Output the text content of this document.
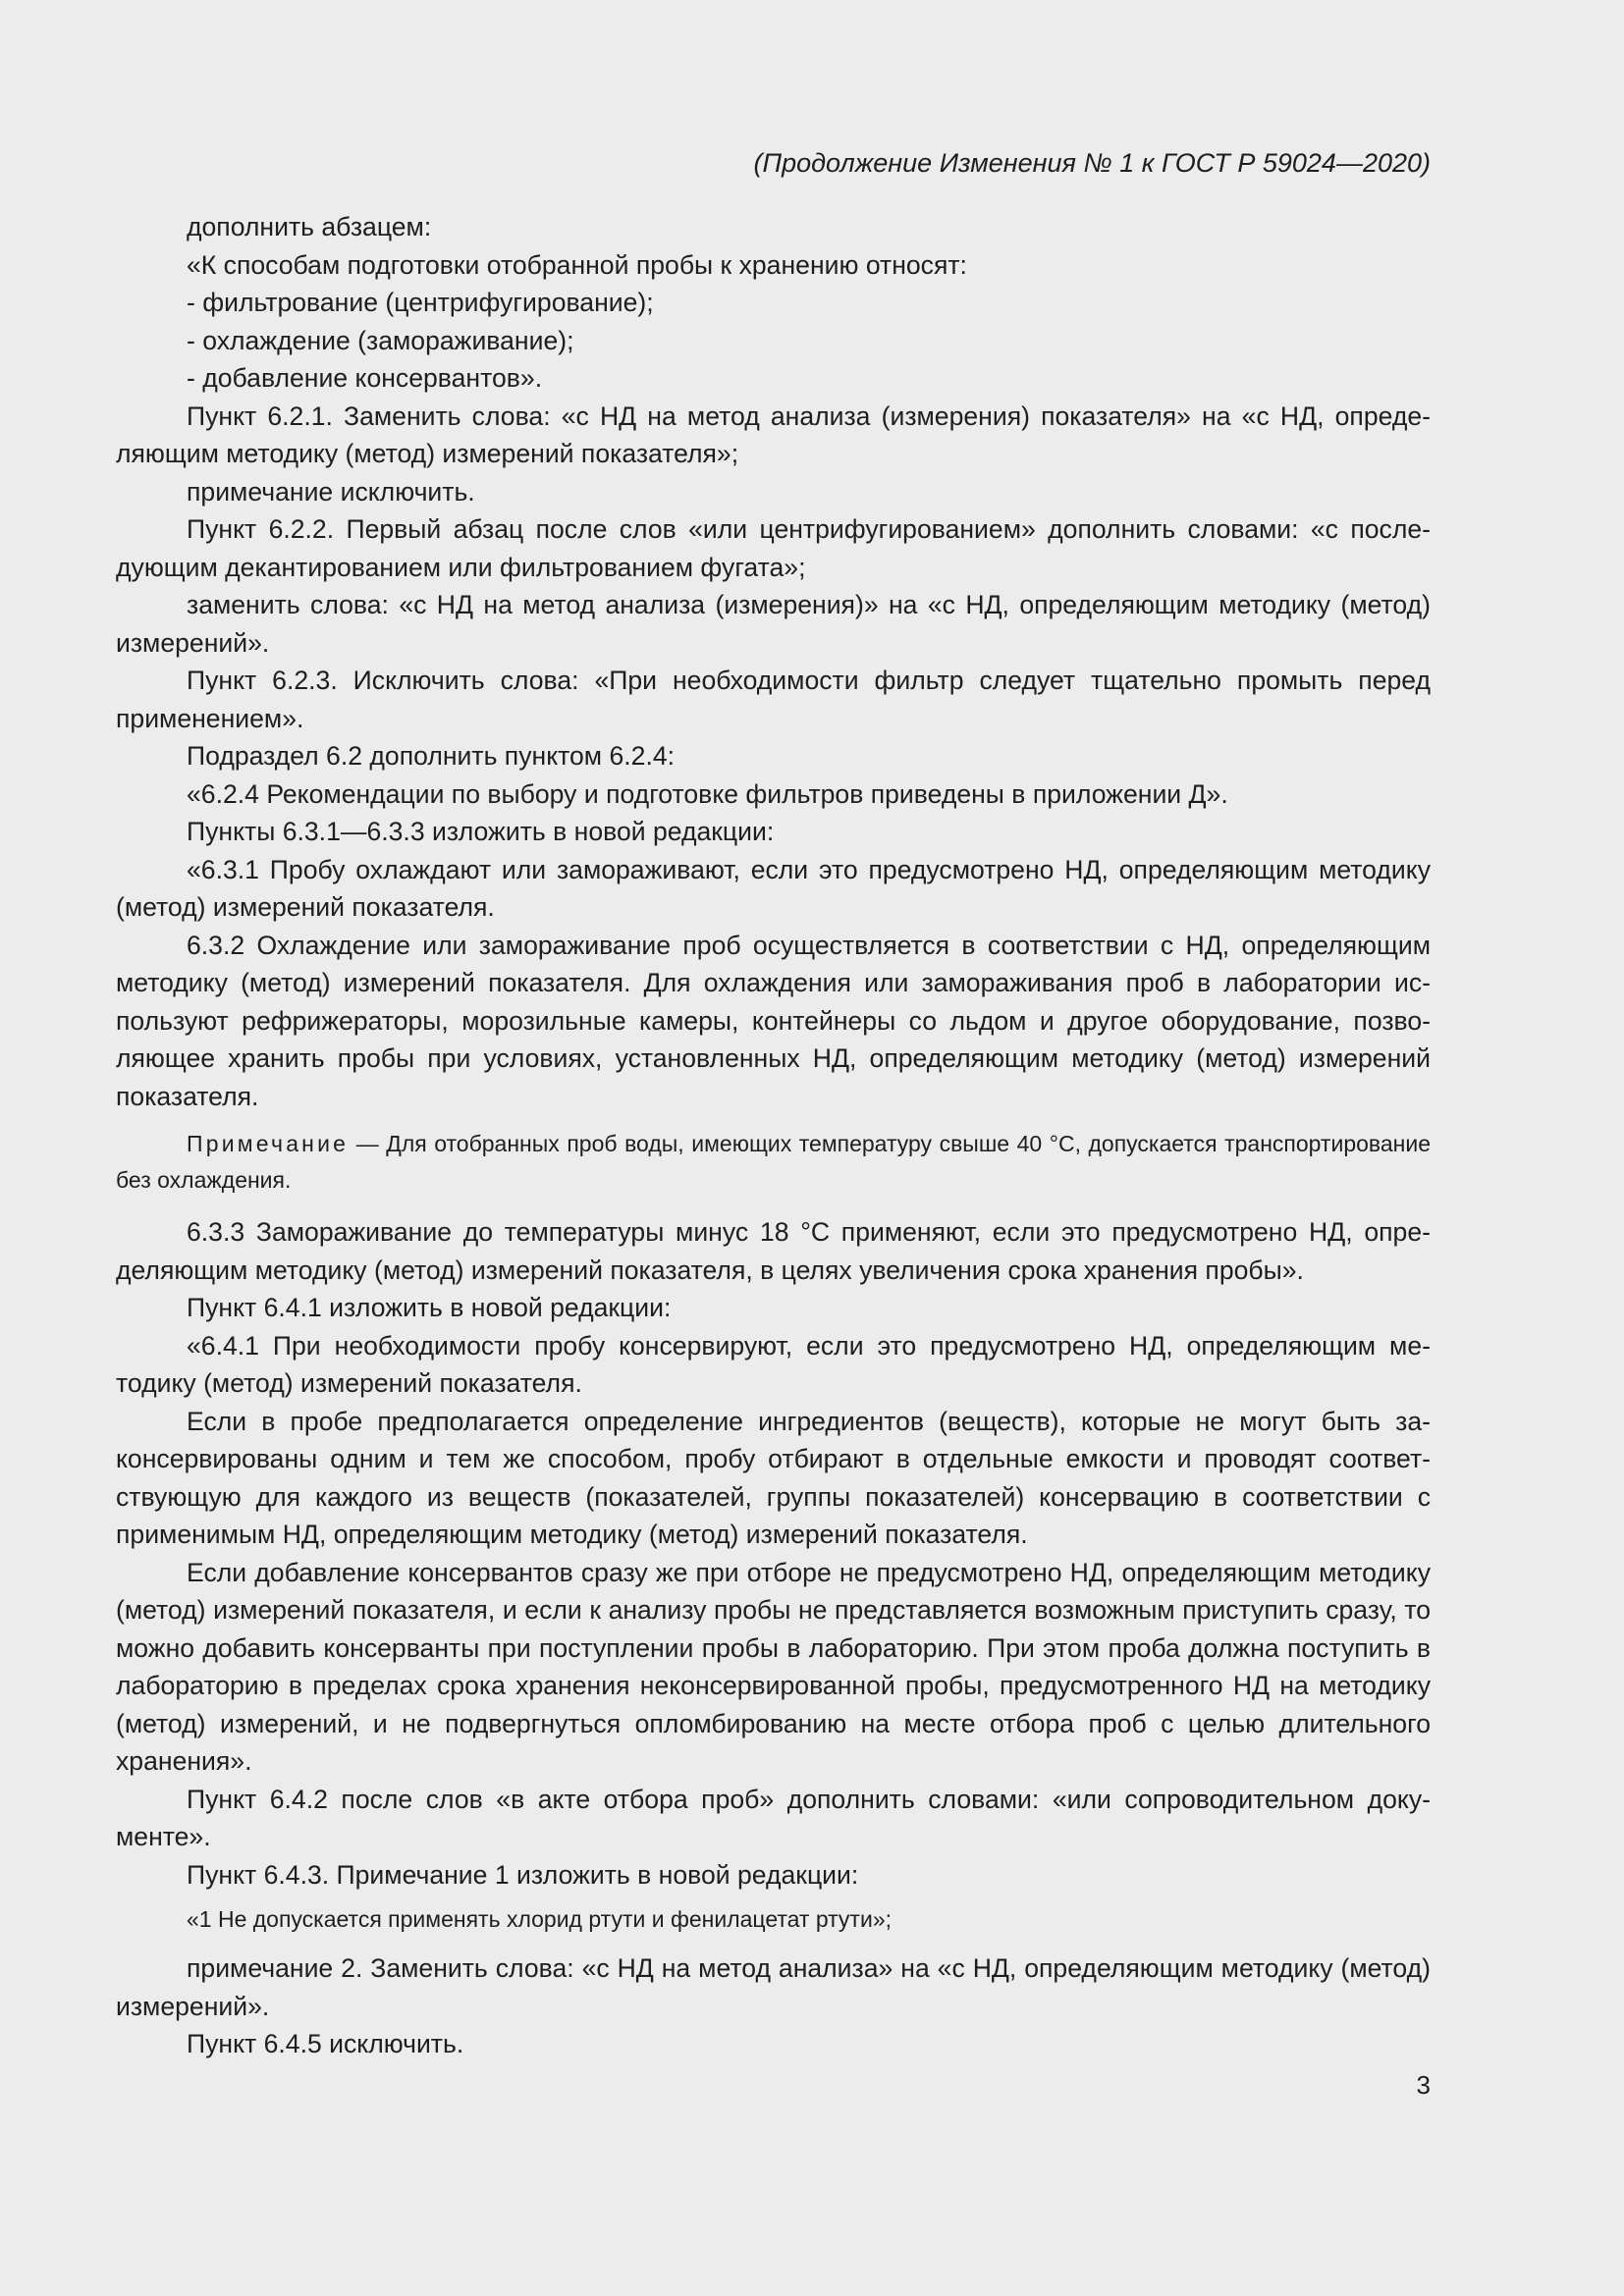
(Продолжение Изменения № 1 к ГОСТ Р 59024—2020)

дополнить абзацем:

«К способам подготовки отобранной пробы к хранению относят:

- фильтрование (центрифугирование);

- охлаждение (замораживание);

- добавление консервантов».

Пункт 6.2.1. Заменить слова: «с НД на метод анализа (измерения) показателя» на «с НД, определяющим методику (метод) измерений показателя»;

примечание исключить.

Пункт 6.2.2. Первый абзац после слов «или центрифугированием» дополнить словами: «с последующим декантированием или фильтрованием фугата»;

заменить слова: «с НД на метод анализа (измерения)» на «с НД, определяющим методику (метод) измерений».

Пункт 6.2.3. Исключить слова: «При необходимости фильтр следует тщательно промыть перед применением».

Подраздел 6.2 дополнить пунктом 6.2.4:

«6.2.4 Рекомендации по выбору и подготовке фильтров приведены в приложении Д».

Пункты 6.3.1—6.3.3 изложить в новой редакции:

«6.3.1 Пробу охлаждают или замораживают, если это предусмотрено НД, определяющим методику (метод) измерений показателя.

6.3.2 Охлаждение или замораживание проб осуществляется в соответствии с НД, определяющим методику (метод) измерений показателя. Для охлаждения или замораживания проб в лаборатории используют рефрижераторы, морозильные камеры, контейнеры со льдом и другое оборудование, позволяющее хранить пробы при условиях, установленных НД, определяющим методику (метод) измерений показателя.

Примечание — Для отобранных проб воды, имеющих температуру свыше 40 °С, допускается транспортирование без охлаждения.

6.3.3 Замораживание до температуры минус 18 °С применяют, если это предусмотрено НД, определяющим методику (метод) измерений показателя, в целях увеличения срока хранения пробы».

Пункт 6.4.1 изложить в новой редакции:

«6.4.1 При необходимости пробу консервируют, если это предусмотрено НД, определяющим методику (метод) измерений показателя.

Если в пробе предполагается определение ингредиентов (веществ), которые не могут быть законсервированы одним и тем же способом, пробу отбирают в отдельные емкости и проводят соответствующую для каждого из веществ (показателей, группы показателей) консервацию в соответствии с применимым НД, определяющим методику (метод) измерений показателя.

Если добавление консервантов сразу же при отборе не предусмотрено НД, определяющим методику (метод) измерений показателя, и если к анализу пробы не представляется возможным приступить сразу, то можно добавить консерванты при поступлении пробы в лабораторию. При этом проба должна поступить в лабораторию в пределах срока хранения неконсервированной пробы, предусмотренного НД на методику (метод) измерений, и не подвергнуться опломбированию на месте отбора проб с целью длительного хранения».

Пункт 6.4.2 после слов «в акте отбора проб» дополнить словами: «или сопроводительном документе».

Пункт 6.4.3. Примечание 1 изложить в новой редакции:

«1 Не допускается применять хлорид ртути и фенилацетат ртути»;

примечание 2. Заменить слова: «с НД на метод анализа» на «с НД, определяющим методику (метод) измерений».

Пункт 6.4.5 исключить.

3
